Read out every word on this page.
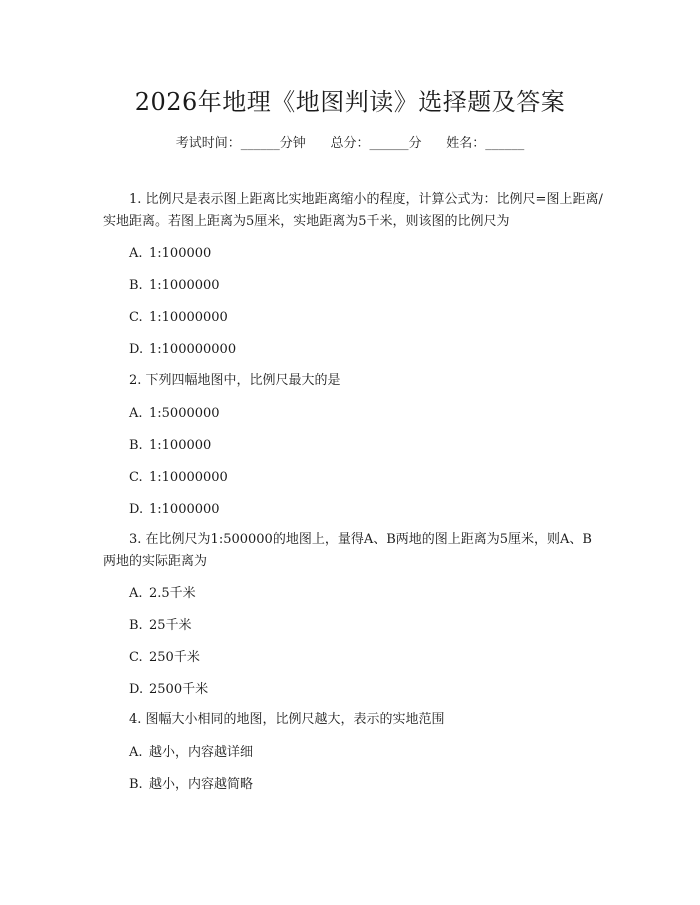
2026年地理《地图判读》选择题及答案
考试时间：______分钟      总分：______分      姓名：______

1. 比例尺是表示图上距离比实地距离缩小的程度，计算公式为：比例尺=图上距离/实地距离。若图上距离为5厘米，实地距离为5千米，则该图的比例尺为

A. 1:100000
B. 1:1000000
C. 1:10000000
D. 1:100000000

2. 下列四幅地图中，比例尺最大的是

A. 1:5000000
B. 1:100000
C. 1:10000000
D. 1:1000000

3. 在比例尺为1:500000的地图上，量得A、B两地的图上距离为5厘米，则A、B两地的实际距离为

A. 2.5千米
B. 25千米
C. 250千米
D. 2500千米

4. 图幅大小相同的地图，比例尺越大，表示的实地范围

A. 越小，内容越详细
B. 越小，内容越简略
